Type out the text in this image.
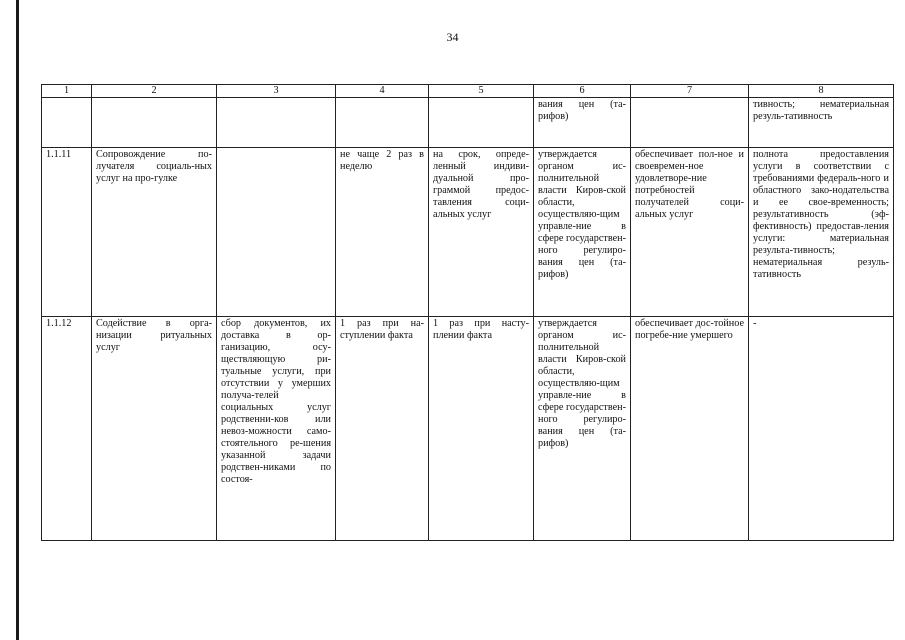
34
1	2	3	4	5	6	7	8
					вания цен (та-рифов)		тивность; нематериальная резуль-тативность
1.1.11	Сопровождение по-лучателя социаль-ных услуг на про-гулке		не чаще 2 раз в неделю	на срок, опреде-ленный индиви-дуальной про-граммой предос-тавления соци-альных услуг	утверждается органом ис-полнительной власти Киров-ской области, осуществляю-щим управле-ние в сфере государствен-ного регулиро-вания цен (та-рифов)	обеспечивает пол-ное и своевремен-ное удовлетворе-ние потребностей получателей соци-альных услуг	полнота предоставления услуги в соответствии с требованиями федераль-ного и областного зако-нодательства и ее свое-временность; результативность (эф-фективность) предостав-ления услуги: материальная результа-тивность; нематериальная резуль-тативность
1.1.12	Содействие в орга-низации ритуальных услуг	сбор документов, их доставка в ор-ганизацию, осу-ществляющую ри-туальные услуги, при отсутствии у умерших получа-телей социальных услуг родственни-ков или невоз-можности само-стоятельного ре-шения указанной задачи родствен-никами по состоя-	1 раз при на-ступлении факта	1 раз при насту-плении факта	утверждается органом ис-полнительной власти Киров-ской области, осуществляю-щим управле-ние в сфере государствен-ного регулиро-вания цен (та-рифов)	обеспечивает дос-тойное погребе-ние умершего	-
